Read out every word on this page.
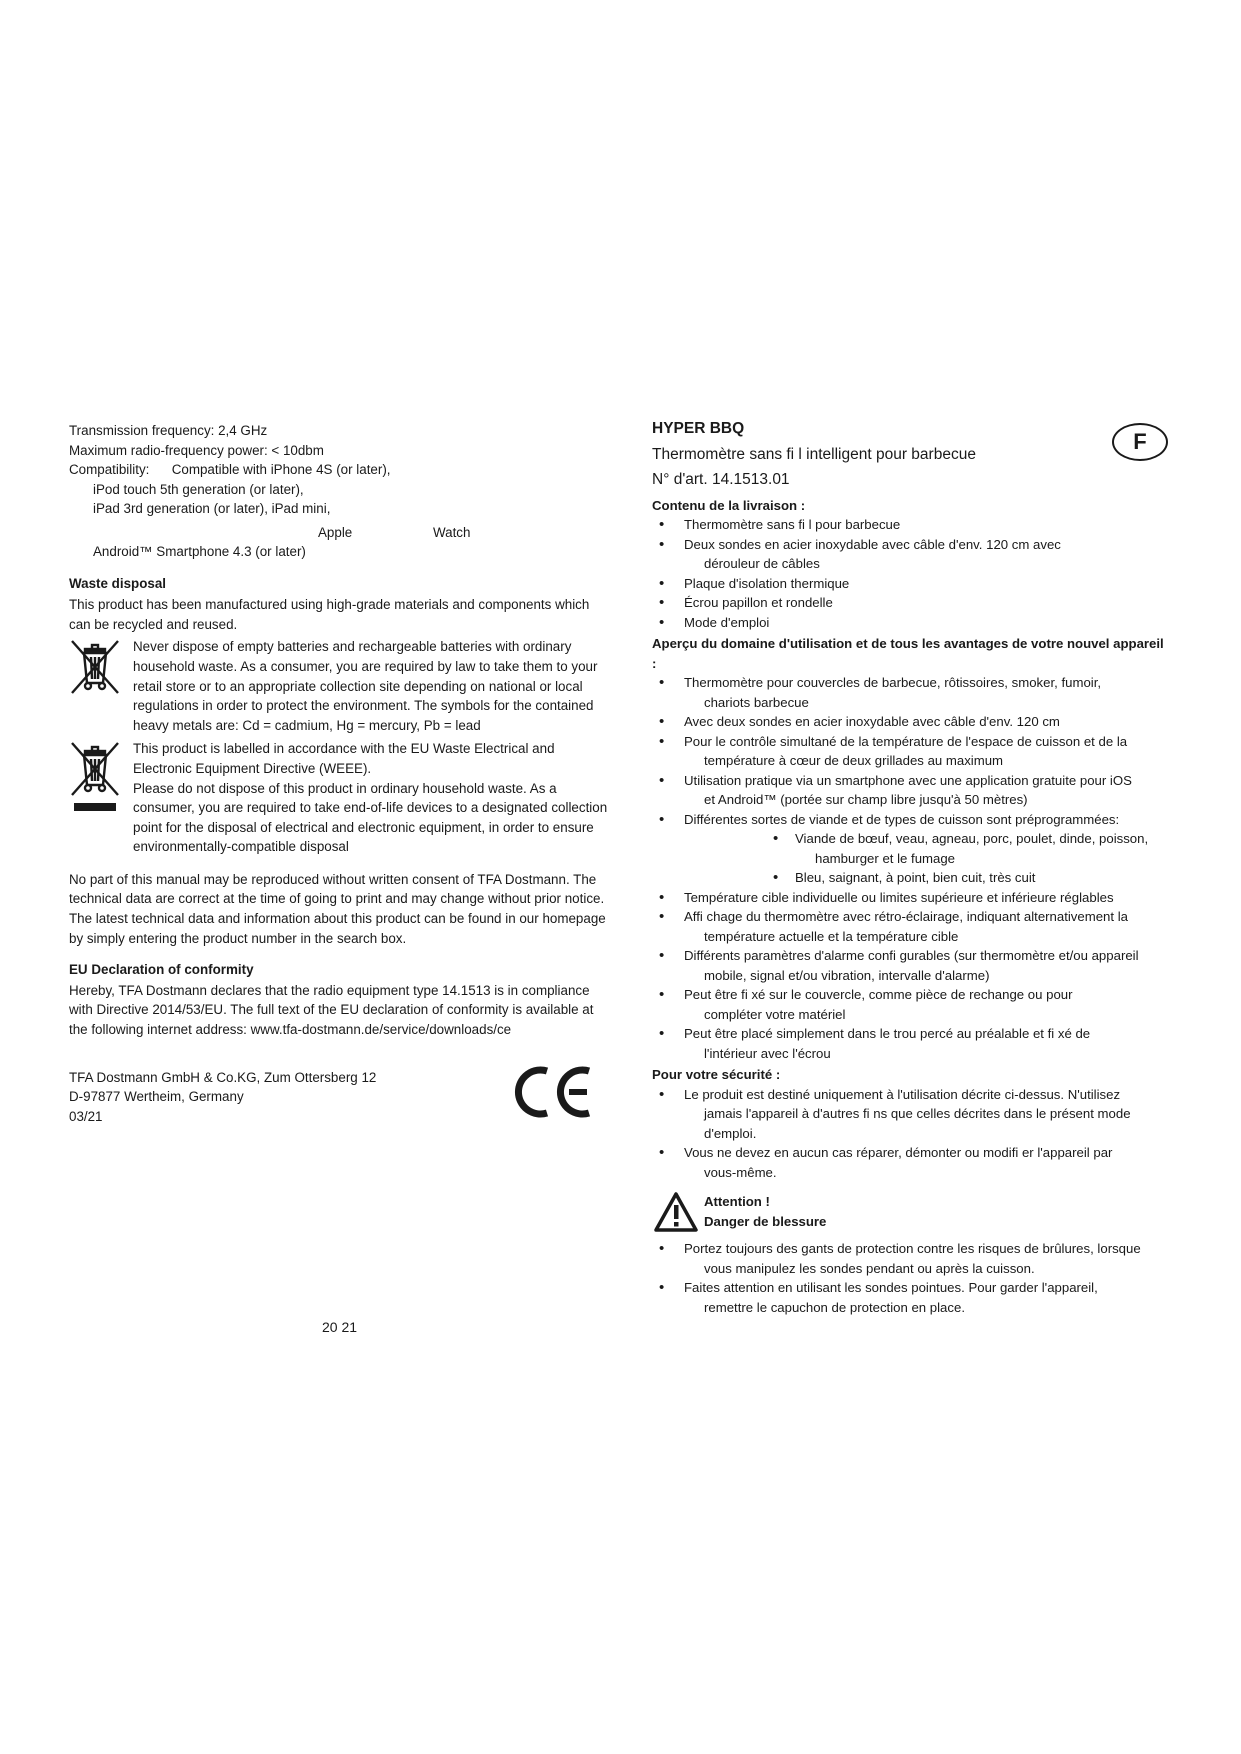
Transmission frequency: 2,4 GHz

Maximum radio-frequency power: < 10dbm

Compatibility: Compatible with iPhone 4S (or later),

iPod touch 5th generation (or later),

iPad 3rd generation (or later), iPad mini,

Apple	Watch

Android™ Smartphone 4.3 (or later)

Waste disposal

This product has been manufactured using high-grade materials and components which can be recycled and reused.

Never dispose of empty batteries and rechargeable batteries with ordinary household waste. As a consumer, you are required by law to take them to your retail store or to an appropriate collection site depending on national or local regulations in order to protect the environment. The symbols for the contained heavy metals are: Cd = cadmium, Hg = mercury, Pb = lead

This product is labelled in accordance with the EU Waste Electrical and Electronic Equipment Directive (WEEE).

Please do not dispose of this product in ordinary household waste. As a consumer, you are required to take end-of-life devices to a designated collection point for the disposal of electrical and electronic equipment, in order to ensure environmentally-compatible disposal

No part of this manual may be reproduced without written consent of TFA Dostmann. The technical data are correct at the time of going to print and may change without prior notice. The latest technical data and information about this product can be found in our homepage by simply entering the product number in the search box.

EU Declaration of conformity

Hereby, TFA Dostmann declares that the radio equipment type 14.1513 is in compliance with Directive 2014/53/EU. The full text of the EU declaration of conformity is available at the following internet address: www.tfa-dostmann.de/service/downloads/ce

TFA Dostmann GmbH & Co.KG, Zum Ottersberg 12

D-97877 Wertheim, Germany

03/21

20 21
F

HYPER BBQ

Thermomètre sans fi l intelligent pour barbecue

N° d'art. 14.1513.01

Contenu de la livraison :

• Thermomètre sans fi l pour barbecue
• Deux sondes en acier inoxydable avec câble d'env. 120 cm avec
dérouleur de câbles
• Plaque d'isolation thermique
• Écrou papillon et rondelle
• Mode d'emploi

Aperçu du domaine d'utilisation et de tous les avantages de votre nouvel appareil :

• Thermomètre pour couvercles de barbecue, rôtissoires, smoker, fumoir,
chariots barbecue
• Avec deux sondes en acier inoxydable avec câble d'env. 120 cm
• Pour le contrôle simultané de la température de l'espace de cuisson et de la
température à cœur de deux grillades au maximum
• Utilisation pratique via un smartphone avec une application gratuite pour iOS
et Android™ (portée sur champ libre jusqu'à 50 mètres)
• Différentes sortes de viande et de types de cuisson sont préprogrammées:
• Viande de bœuf, veau, agneau, porc, poulet, dinde, poisson,
hamburger et le fumage
• Bleu, saignant, à point, bien cuit, très cuit
• Température cible individuelle ou limites supérieure et inférieure réglables
• Affi chage du thermomètre avec rétro-éclairage, indiquant alternativement la
température actuelle et la température cible
• Différents paramètres d'alarme confi gurables (sur thermomètre et/ou appareil
mobile, signal et/ou vibration, intervalle d'alarme)
• Peut être fi xé sur le couvercle, comme pièce de rechange ou pour
compléter votre matériel
• Peut être placé simplement dans le trou percé au préalable et fi xé de
l'intérieur avec l'écrou

Pour votre sécurité :

• Le produit est destiné uniquement à l'utilisation décrite ci-dessus. N'utilisez
jamais l'appareil à d'autres fi ns que celles décrites dans le présent mode d'emploi.
• Vous ne devez en aucun cas réparer, démonter ou modifi er l'appareil par
vous-même.

Attention !

Danger de blessure

• Portez toujours des gants de protection contre les risques de brûlures, lorsque
vous manipulez les sondes pendant ou après la cuisson.
• Faites attention en utilisant les sondes pointues. Pour garder l'appareil,
remettre le capuchon de protection en place.
